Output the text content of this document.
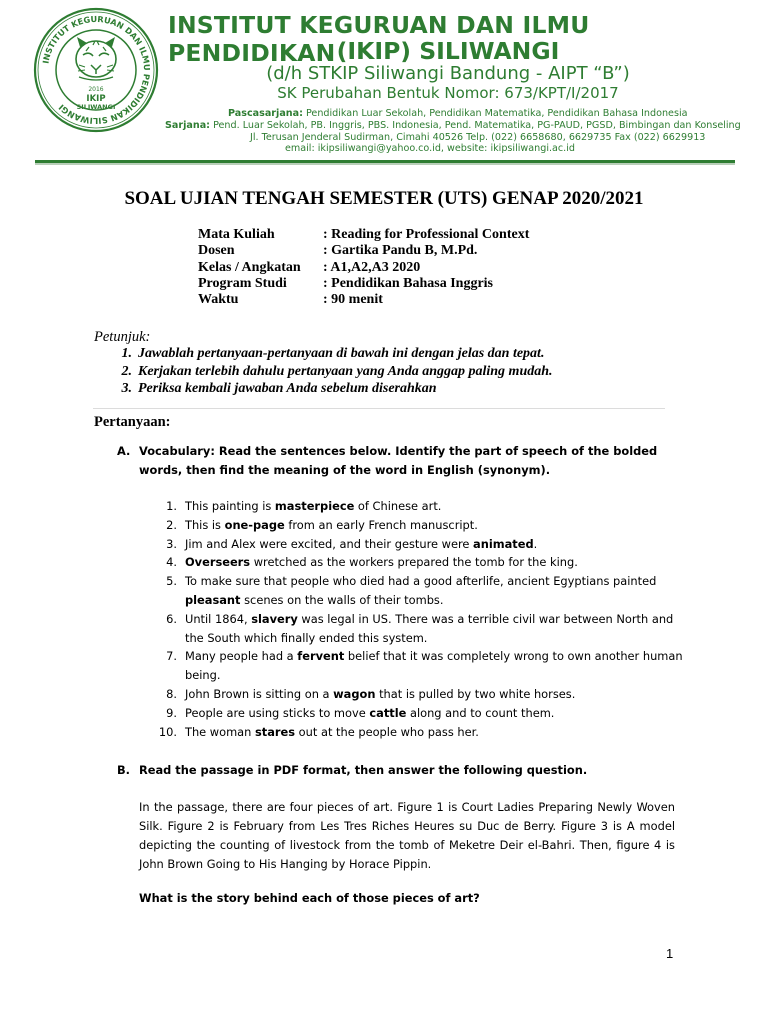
INSTITUT KEGURUAN DAN ILMU PENDIDIKAN SILIWANGI
2016
IKIP
SILIWANGI
INSTITUT KEGURUAN DAN ILMU PENDIDIKAN (IKIP) SILIWANGI
(d/h STKIP Siliwangi Bandung - AIPT “B”)
SK Perubahan Bentuk Nomor: 673/KPT/I/2017
Pascasarjana: Pendidikan Luar Sekolah, Pendidikan Matematika, Pendidikan Bahasa Indonesia
Sarjana: Pend. Luar Sekolah, PB. Inggris, PBS. Indonesia, Pend. Matematika, PG-PAUD, PGSD, Bimbingan dan Konseling
Jl. Terusan Jenderal Sudirman, Cimahi 40526 Telp. (022) 6658680, 6629735 Fax (022) 6629913
email: ikipsiliwangi@yahoo.co.id, website: ikipsiliwangi.ac.id
SOAL UJIAN TENGAH SEMESTER (UTS) GENAP 2020/2021
Mata Kuliah	: Reading for Professional Context
Dosen	: Gartika Pandu B, M.Pd.
Kelas / Angkatan	: A1,A2,A3 2020
Program Studi	: Pendidikan Bahasa Inggris
Waktu	: 90 menit
Petunjuk:
1. Jawablah pertanyaan-pertanyaan di bawah ini dengan jelas dan tepat.
2. Kerjakan terlebih dahulu pertanyaan yang Anda anggap paling mudah.
3. Periksa kembali jawaban Anda sebelum diserahkan
Pertanyaan:
A. Vocabulary: Read the sentences below. Identify the part of speech of the bolded words, then find the meaning of the word in English (synonym).
1. This painting is masterpiece of Chinese art.
2. This is one-page from an early French manuscript.
3. Jim and Alex were excited, and their gesture were animated.
4. Overseers wretched as the workers prepared the tomb for the king.
5. To make sure that people who died had a good afterlife, ancient Egyptians painted pleasant scenes on the walls of their tombs.
6. Until 1864, slavery was legal in US. There was a terrible civil war between North and the South which finally ended this system.
7. Many people had a fervent belief that it was completely wrong to own another human being.
8. John Brown is sitting on a wagon that is pulled by two white horses.
9. People are using sticks to move cattle along and to count them.
10. The woman stares out at the people who pass her.
B. Read the passage in PDF format, then answer the following question.
In the passage, there are four pieces of art. Figure 1 is Court Ladies Preparing Newly Woven Silk. Figure 2 is February from Les Tres Riches Heures su Duc de Berry. Figure 3 is A model depicting the counting of livestock from the tomb of Meketre Deir el-Bahri. Then, figure 4 is John Brown Going to His Hanging by Horace Pippin.
What is the story behind each of those pieces of art?
1
